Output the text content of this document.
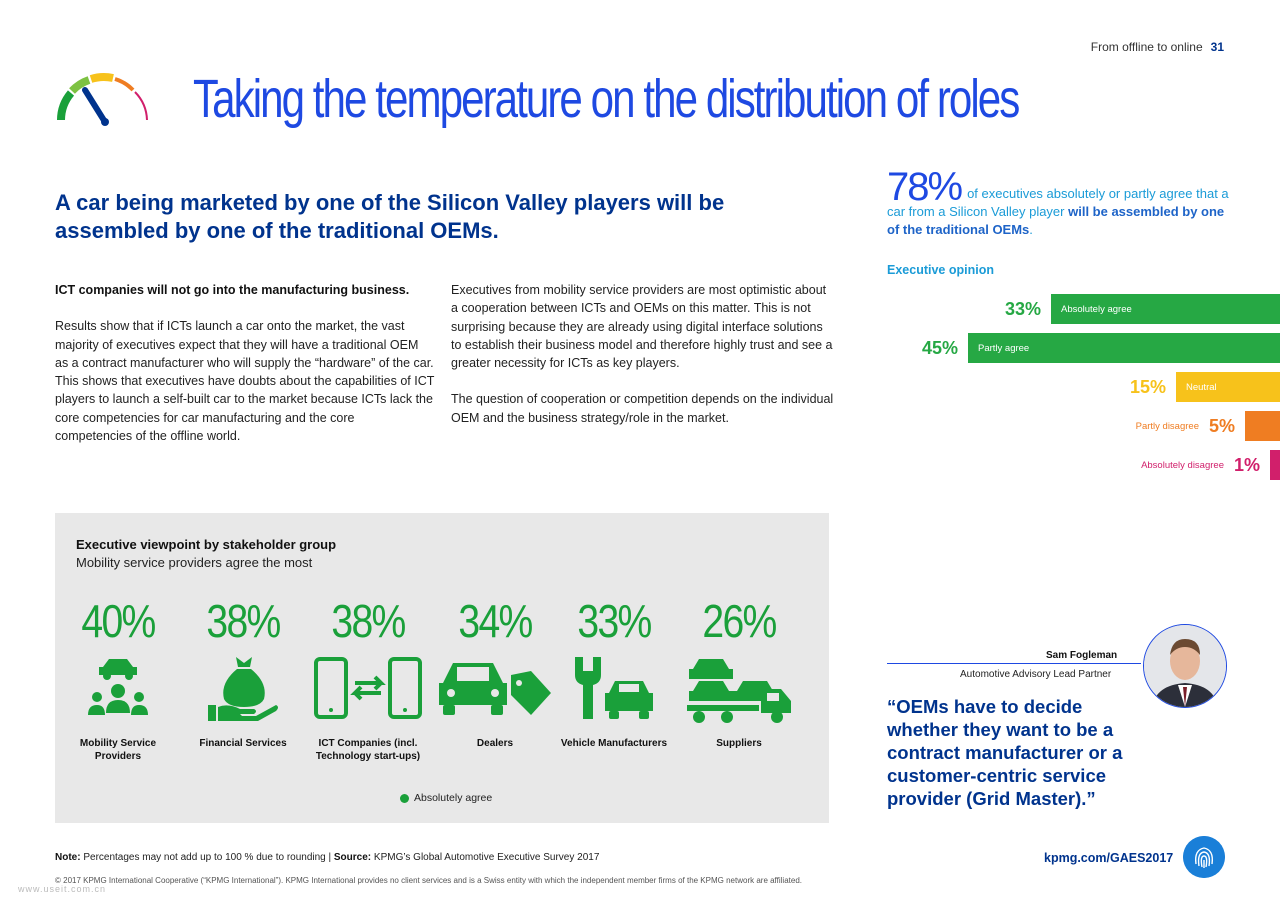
From offline to online 31
Taking the temperature on the distribution of roles
A car being marketed by one of the Silicon Valley players will be assembled by one of the traditional OEMs.

ICT companies will not go into the manufacturing business.

Results show that if ICTs launch a car onto the market, the vast majority of executives expect that they will have a traditional OEM as a contract manufacturer who will supply the “hardware” of the car. This shows that executives have doubts about the capabilities of ICT players to launch a self-built car to the market because ICTs lack the core competencies for car manufacturing and the core competencies of the offline world.

Executives from mobility service providers are most optimistic about a cooperation between ICTs and OEMs on this matter. This is not surprising because they are already using digital interface solutions to establish their business model and therefore highly trust and see a greater necessity for ICTs as key players.

The question of cooperation or competition depends on the individual OEM and the business strategy/role in the market.

Executive viewpoint by stakeholder group
Mobility service providers agree the most
40%
Mobility Service Providers
38%
Financial Services
38%
ICT Companies (incl. Technology start-ups)
34%
Dealers
33%
Vehicle Manufacturers
26%
Suppliers
Absolutely agree
78% of executives absolutely or partly agree that a car from a Silicon Valley player will be assembled by one of the traditional OEMs.
Executive opinion
33% Absolutely agree
45% Partly agree
15% Neutral
Partly disagree 5%
Absolutely disagree 1%
Sam Fogleman
Automotive Advisory Lead Partner
“OEMs have to decide whether they want to be a contract manufacturer or a customer-centric service provider (Grid Master).”
Note: Percentages may not add up to 100 % due to rounding | Source: KPMG’s Global Automotive Executive Survey 2017
© 2017 KPMG International Cooperative (“KPMG International”). KPMG International provides no client services and is a Swiss entity with which the independent member firms of the KPMG network are affiliated.
www.useit.com.cn
kpmg.com/GAES2017
